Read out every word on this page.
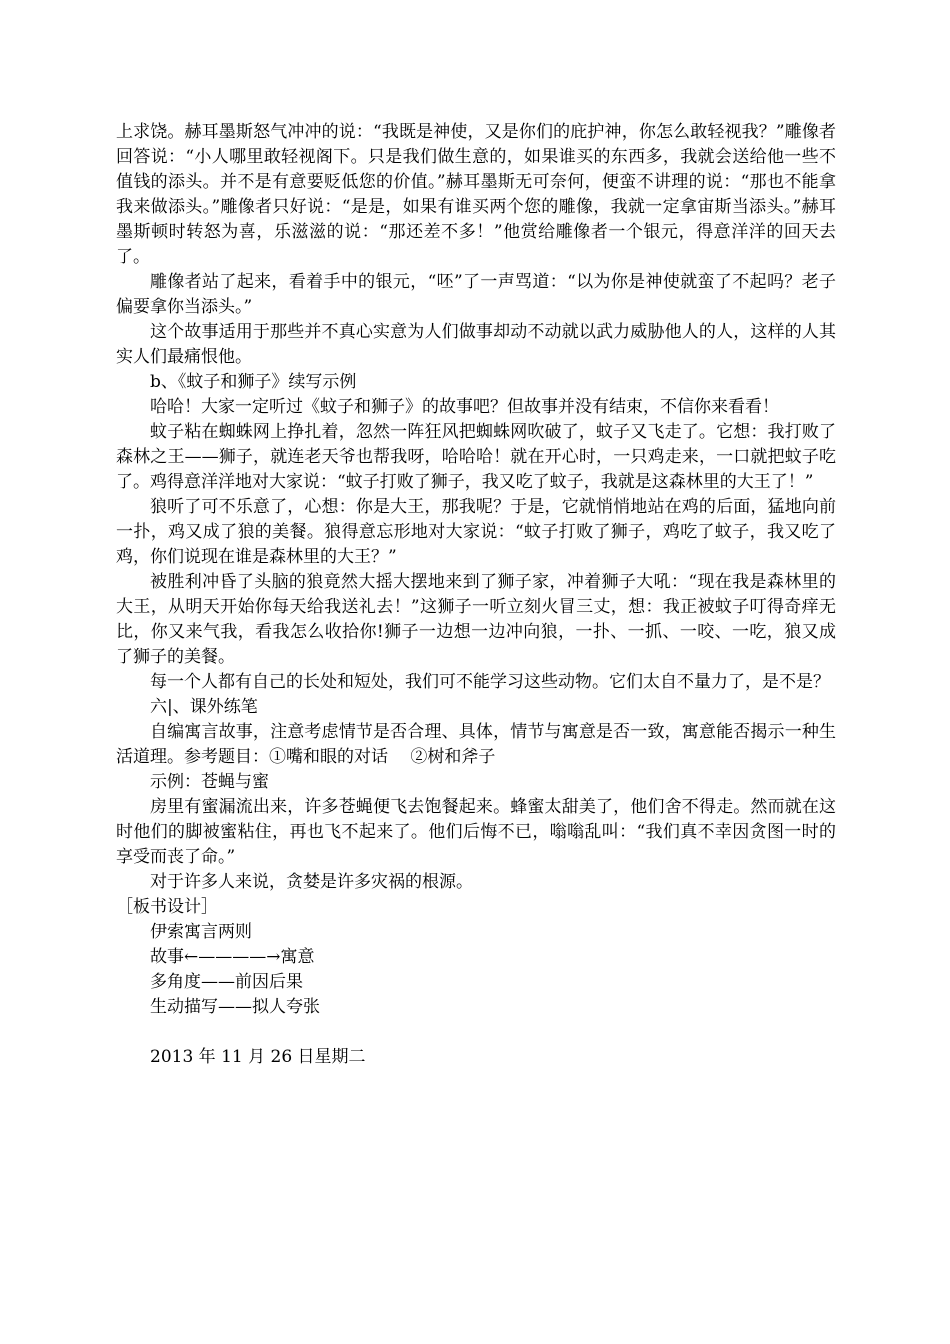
上求饶。赫耳墨斯怒气冲冲的说：“我既是神使，又是你们的庇护神，你怎么敢轻视我？”雕像者回答说：“小人哪里敢轻视阁下。只是我们做生意的，如果谁买的东西多，我就会送给他一些不值钱的添头。并不是有意要贬低您的价值。”赫耳墨斯无可奈何，便蛮不讲理的说：“那也不能拿我来做添头。”雕像者只好说：“是是，如果有谁买两个您的雕像，我就一定拿宙斯当添头。”赫耳墨斯顿时转怒为喜，乐滋滋的说：“那还差不多！”他赏给雕像者一个银元，得意洋洋的回天去了。

雕像者站了起来，看着手中的银元，“呸”了一声骂道：“以为你是神使就蛮了不起吗？老子偏要拿你当添头。”

这个故事适用于那些并不真心实意为人们做事却动不动就以武力威胁他人的人，这样的人其实人们最痛恨他。

b、《蚊子和狮子》续写示例

哈哈！大家一定听过《蚊子和狮子》的故事吧？但故事并没有结束，不信你来看看！

蚊子粘在蜘蛛网上挣扎着，忽然一阵狂风把蜘蛛网吹破了，蚊子又飞走了。它想：我打败了森林之王——狮子，就连老天爷也帮我呀，哈哈哈！就在开心时，一只鸡走来，一口就把蚊子吃了。鸡得意洋洋地对大家说：“蚊子打败了狮子，我又吃了蚊子，我就是这森林里的大王了！”

狼听了可不乐意了，心想：你是大王，那我呢？于是，它就悄悄地站在鸡的后面，猛地向前一扑，鸡又成了狼的美餐。狼得意忘形地对大家说：“蚊子打败了狮子，鸡吃了蚊子，我又吃了鸡，你们说现在谁是森林里的大王？”

被胜利冲昏了头脑的狼竟然大摇大摆地来到了狮子家，冲着狮子大吼：“现在我是森林里的大王，从明天开始你每天给我送礼去！”这狮子一听立刻火冒三丈，想：我正被蚊子叮得奇痒无比，你又来气我，看我怎么收拾你!狮子一边想一边冲向狼，一扑、一抓、一咬、一吃，狼又成了狮子的美餐。

每一个人都有自己的长处和短处，我们可不能学习这些动物。它们太自不量力了，是不是？

六|、课外练笔

自编寓言故事，注意考虑情节是否合理、具体，情节与寓意是否一致，寓意能否揭示一种生活道理。参考题目：①嘴和眼的对话　 ②树和斧子

示例：苍蝇与蜜

房里有蜜漏流出来，许多苍蝇便飞去饱餐起来。蜂蜜太甜美了，他们舍不得走。然而就在这时他们的脚被蜜粘住，再也飞不起来了。他们后悔不已，嗡嗡乱叫：“我们真不幸因贪图一时的享受而丧了命。”

对于许多人来说，贪婪是许多灾祸的根源。

［板书设计］

伊索寓言两则

故事←————→寓意

多角度——前因后果

生动描写——拟人夸张

2013 年 11 月 26 日星期二
